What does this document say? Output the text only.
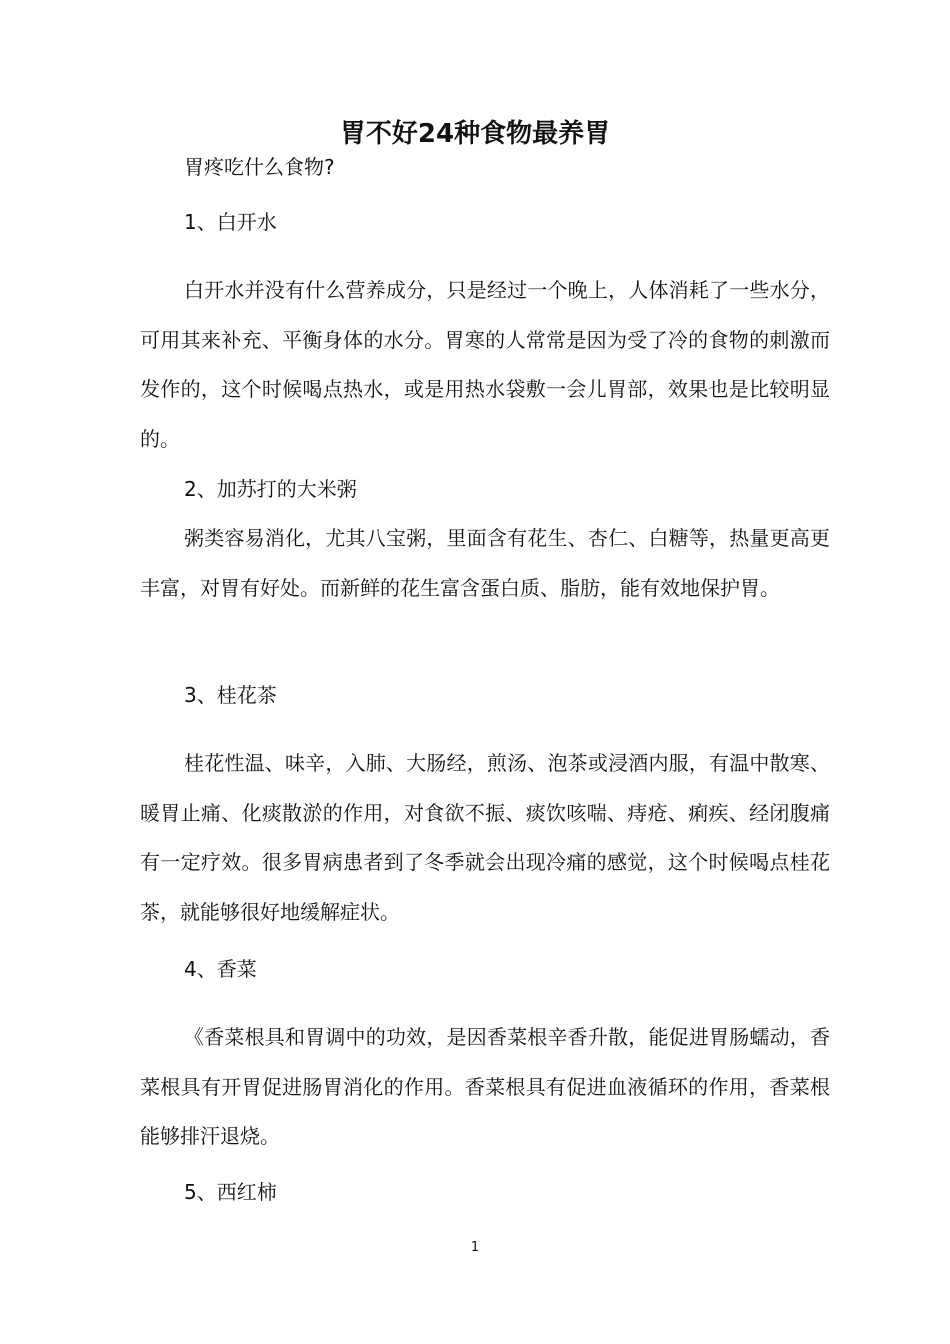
胃不好24种食物最养胃

胃疼吃什么食物?

1、白开水

白开水并没有什么营养成分，只是经过一个晚上，人体消耗了一些水分，可用其来补充、平衡身体的水分。胃寒的人常常是因为受了冷的食物的刺激而发作的，这个时候喝点热水，或是用热水袋敷一会儿胃部，效果也是比较明显的。

2、加苏打的大米粥

粥类容易消化，尤其八宝粥，里面含有花生、杏仁、白糖等，热量更高更丰富，对胃有好处。而新鲜的花生富含蛋白质、脂肪，能有效地保护胃。

3、桂花茶

桂花性温、味辛，入肺、大肠经，煎汤、泡茶或浸酒内服，有温中散寒、暖胃止痛、化痰散淤的作用，对食欲不振、痰饮咳喘、痔疮、痢疾、经闭腹痛有一定疗效。很多胃病患者到了冬季就会出现冷痛的感觉，这个时候喝点桂花茶，就能够很好地缓解症状。

4、香菜

《香菜根具和胃调中的功效，是因香菜根辛香升散，能促进胃肠蠕动，香菜根具有开胃促进肠胃消化的作用。香菜根具有促进血液循环的作用，香菜根能够排汗退烧。

5、西红柿

1
